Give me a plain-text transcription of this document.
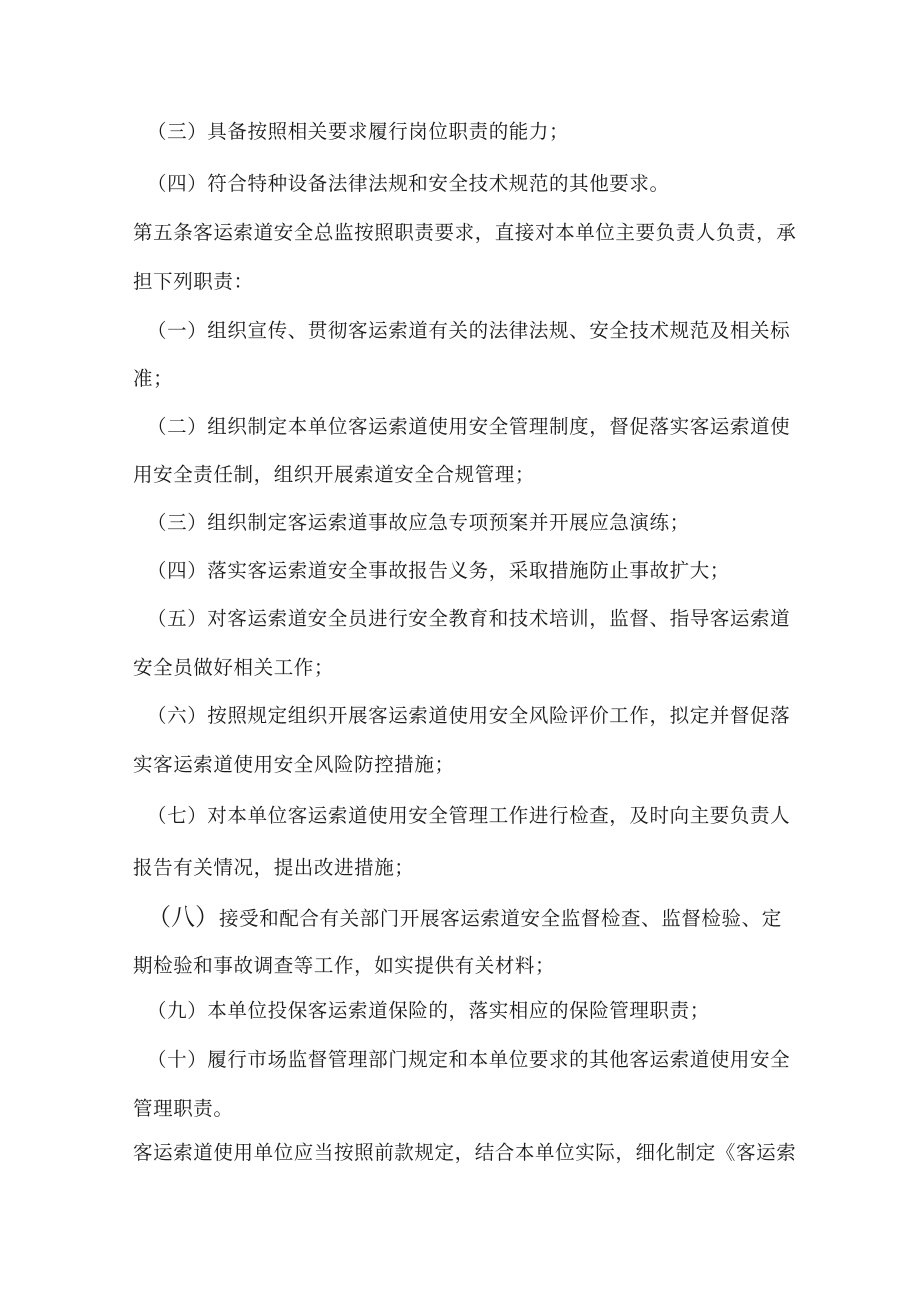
（三）具备按照相关要求履行岗位职责的能力；
（四）符合特种设备法律法规和安全技术规范的其他要求。
第五条客运索道安全总监按照职责要求，直接对本单位主要负责人负责，承
担下列职责：
（一）组织宣传、贯彻客运索道有关的法律法规、安全技术规范及相关标
准；
（二）组织制定本单位客运索道使用安全管理制度，督促落实客运索道使
用安全责任制，组织开展索道安全合规管理；
（三）组织制定客运索道事故应急专项预案并开展应急演练；
（四）落实客运索道安全事故报告义务，采取措施防止事故扩大；
（五）对客运索道安全员进行安全教育和技术培训，监督、指导客运索道
安全员做好相关工作；
（六）按照规定组织开展客运索道使用安全风险评价工作，拟定并督促落
实客运索道使用安全风险防控措施；
（七）对本单位客运索道使用安全管理工作进行检查，及时向主要负责人
报告有关情况，提出改进措施；
（八）接受和配合有关部门开展客运索道安全监督检查、监督检验、定
期检验和事故调查等工作，如实提供有关材料；
（九）本单位投保客运索道保险的，落实相应的保险管理职责；
（十）履行市场监督管理部门规定和本单位要求的其他客运索道使用安全
管理职责。
客运索道使用单位应当按照前款规定，结合本单位实际，细化制定《客运索
